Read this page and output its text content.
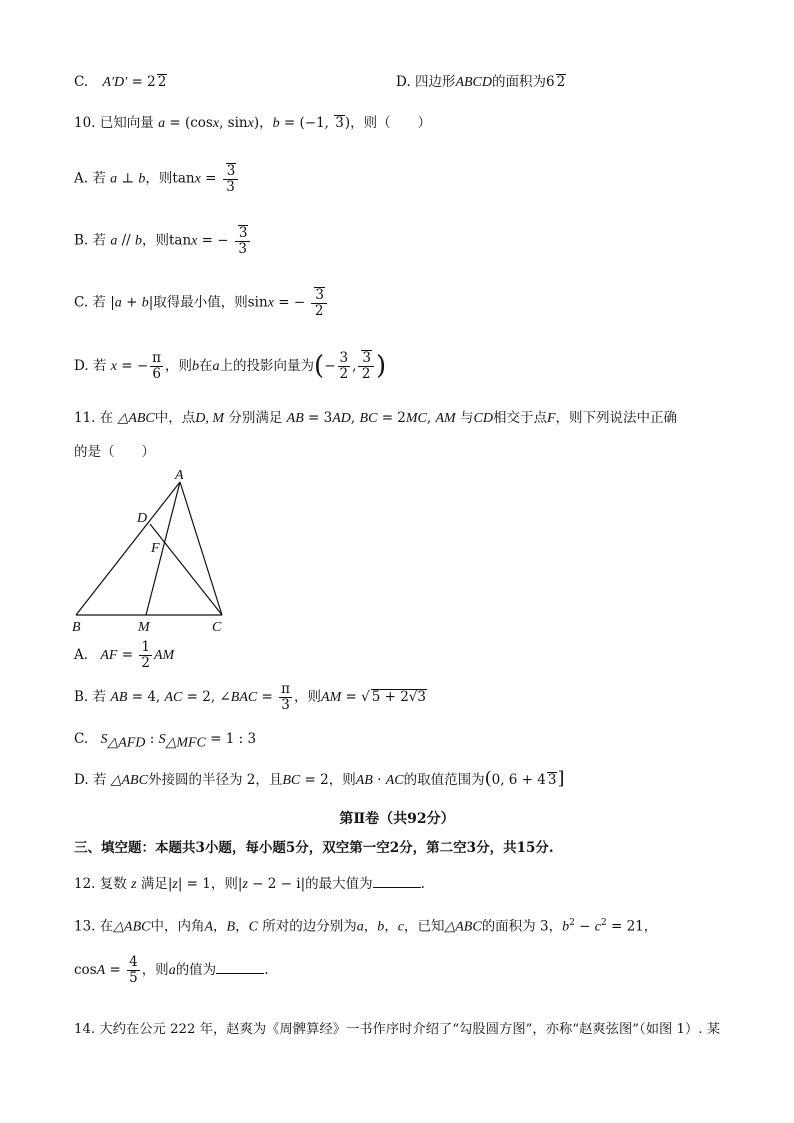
C. A′D′ = 2 2	D. 四边形ABCD的面积为6 2
10. 已知向量 a = (cosx, sinx)，b = (−1, 3)，则（　　）
A. 若 a ⊥ b，则$\tan x = \frac{3}{3}$
B. 若 a // b，则tanx = − $\frac{3}{3}$
C. 若 |a + b|取得最小值，则sinx = − $\frac{3}{2}$
D. 若 x = − $\frac{\pi}{6}$ ，则b在a上的投影向量为(− $\frac{3}{2}$ , $\frac{3}{2}$ )
11. 在 △ABC中，点D, M 分别满足 AB = 3AD, BC = 2MC, AM 与CD相交于点F，则下列说法中正确
的是（　　）
A
B	C
D
M
F
A. AF = $\frac{1}{2}$ AM
B. 若 AB = 4, AC = 2, ∠BAC = $\frac{\pi}{3}$ ，则AM = √ 5 + 2√3
C. $S_{\triangle AFD}$ : $S_{\triangle MFC} = 1$ : 3
D. 若 △ABC外接圆的半径为 2，且BC = 2，则AB · AC的取值范围为(0, 6 + 4 3]
第Ⅱ卷（共92分）
三、填空题：本题共3小题，每小题5分，双空第一空2分，第二空3分，共15分.
12. 复数 z 满足|z| = 1，则|z − 2 − i|的最大值为	.
13. 在△ABC中，内角A，B，C 所对的边分别为a，b，c，已知△ABC的面积为 3，$b^2 - c^2 = 21$，
$\cos A = \frac{4}{5}$ ，则a的值为	.
14. 大约在公元 222 年，赵爽为《周髀算经》一书作序时介绍了“勾股圆方图”，亦称“赵爽弦图”（如图 1）. 某
